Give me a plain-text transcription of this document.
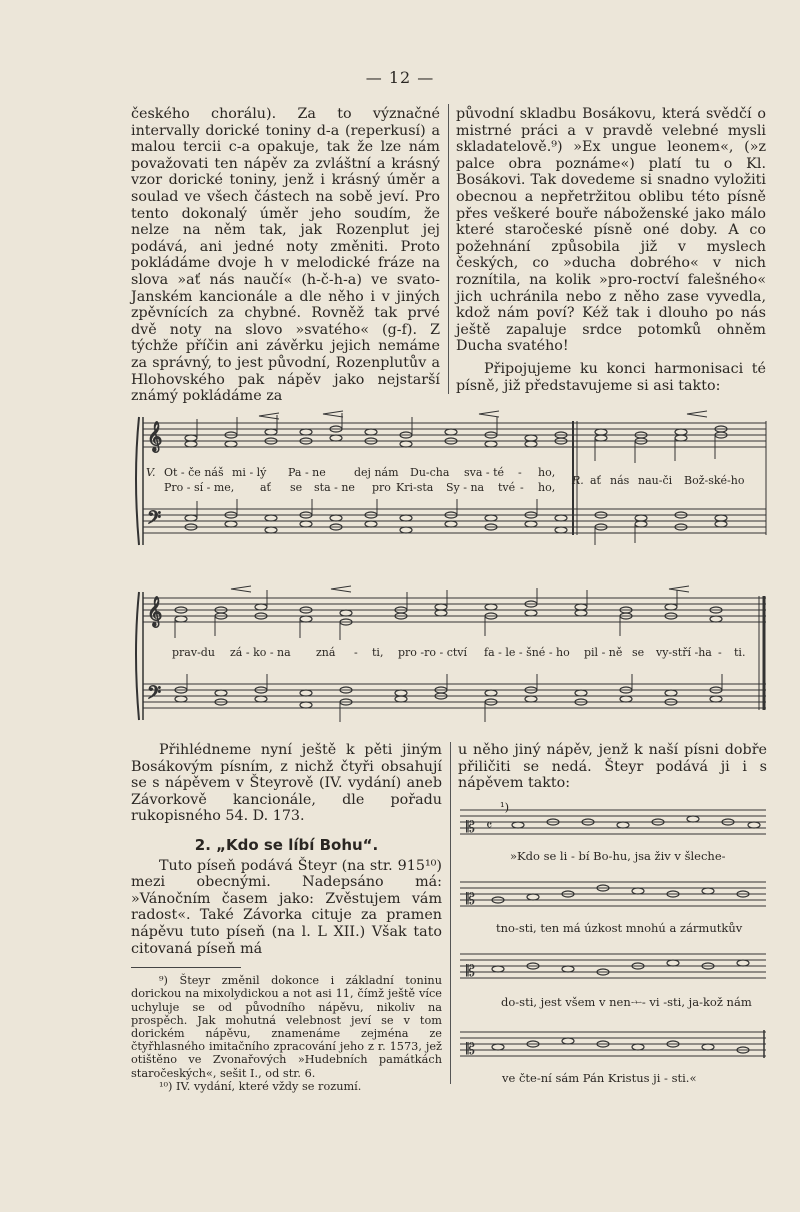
— 12 —

českého chorálu). Za to význačné intervally dorické toniny d-a (reperkusí) a malou tercii c-a opakuje, tak že lze nám považovati ten nápěv za zvláštní a krásný vzor dorické toniny, jenž i krásný úměr a soulad ve všech částech na sobě jeví. Pro tento dokonalý úměr jeho soudím, že nelze na něm tak, jak Rozenplut jej podává, ani jedné noty změniti. Proto pokládáme dvoje h v melodické fráze na slova »ať nás naučí« (h-č-h-a) ve svato-Janském kancionále a dle něho i v jiných zpěvnících za chybné. Rovněž tak prvé dvě noty na slovo »svatého« (g-f). Z týchže příčin ani závěrku jejich nemáme za správný, to jest původní, Rozenplutův a Hlohovského pak nápěv jako nejstarší známý pokládáme za

původní skladbu Bosákovu, která svědčí o mistrné práci a v pravdě velebné mysli skladatelově.⁹) »Ex ungue leonem«, (»z palce obra poznáme«) platí tu o Kl. Bosákovi. Tak dovedeme si snadno vyložiti obecnou a nepřetržitou oblibu této písně přes veškeré bouře náboženské jako málo které staročeské písně oné doby. A co požehnání způsobila již v myslech českých, co »ducha dobrého« v nich roznítila, na kolik »pro-roctví falešného« jich uchránila nebo z něho zase vyvedla, kdož nám poví? Kéž tak i dlouho po nás ještě zapaluje srdce potomků ohněm Ducha svatého!

Připojujeme ku konci harmonisaci té písně, již představujeme si asi takto:

𝄞
𝄢
V. Ot - če náš mi - lý Pa - ne	dej nám Du-cha sva - té - ho,
Pro - sí - me, ať se sta - ne pro Kri-sta Sy - na tvé - ho,
R. ať nás nau-či Bož-ské-ho
𝄞
𝄢
prav-du zá - ko - na zná - ti, pro -ro - ctví fa - le - šné - ho pil - ně se vy-stří -ha - ti.

Přihlédneme nyní ještě k pěti jiným Bosákovým písním, z nichž čtyři obsahují se s nápěvem v Šteyrově (IV. vydání) aneb Závorkově kancionále, dle pořadu rukopisného 54. D. 173.

2. „Kdo se líbí Bohu“.

Tuto píseň podává Šteyr (na str. 915¹⁰) mezi obecnými. Nadepsáno má: »Vánočním časem jako: Zvěstujem vám radost«. Také Závorka cituje za pramen nápěvu tuto píseň (na l. L XII.) Však tato citovaná píseň má

⁹) Šteyr změnil dokonce i základní toninu dorickou na mixolydickou a not asi 11, čímž ještě více uchyluje se od původního nápěvu, nikoliv na prospěch. Jak mohutná velebnost jeví se v tom dorickém nápěvu, znamenáme zejména ze čtyřhlasného imitačního zpracování jeho z r. 1573, jež otištěno ve Zvonařových »Hudebních památkách staročeských«, sešit I., od str. 6.

¹⁰) IV. vydání, které vždy se rozumí.

u něho jiný nápěv, jenž k naší písni dobře přiličiti se nedá. Šteyr podává ji i s nápěvem takto:

𝄡 𝄴
𝄡
𝄡
𝄡
¹)
»Kdo se li - bí Bo-hu, jsa živ v šleche-
tno-sti, ten má úzkost mnohú a zármutkův
do-sti, jest všem v nenᆠ- vi -sti, ja-kož nám
ve čte-ní sám Pán Kristus ji - sti.«
